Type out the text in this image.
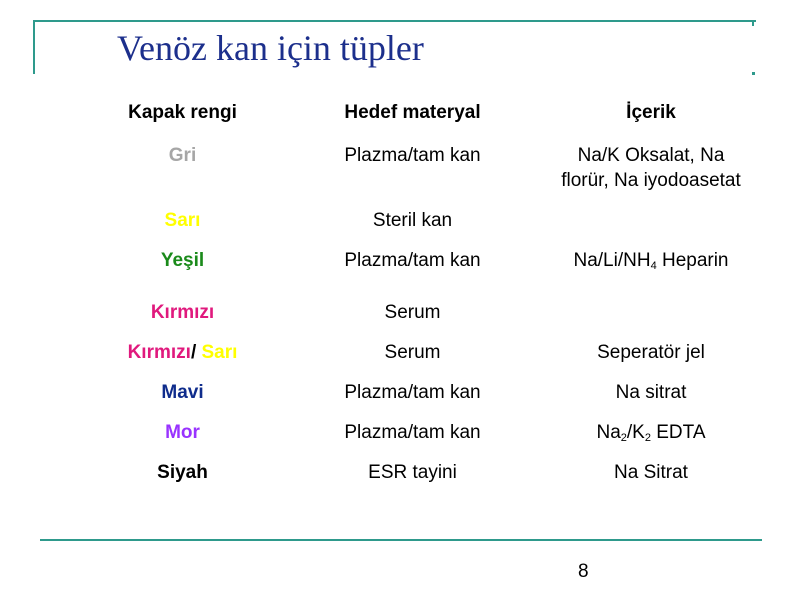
Venöz kan için tüpler
Kapak rengi	Hedef materyal	İçerik
Gri	Plazma/tam kan	Na/K Oksalat, Na florür, Na iyodoasetat
Sarı	Steril kan	
Yeşil	Plazma/tam kan	$Na/Li/NH_4$ Heparin
Kırmızı	Serum	
Kırmızı/ Sarı	Serum	Seperatör jel
Mavi	Plazma/tam kan	Na sitrat
Mor	Plazma/tam kan	$Na_2/K_2$ EDTA
Siyah	ESR tayini	Na Sitrat
8
